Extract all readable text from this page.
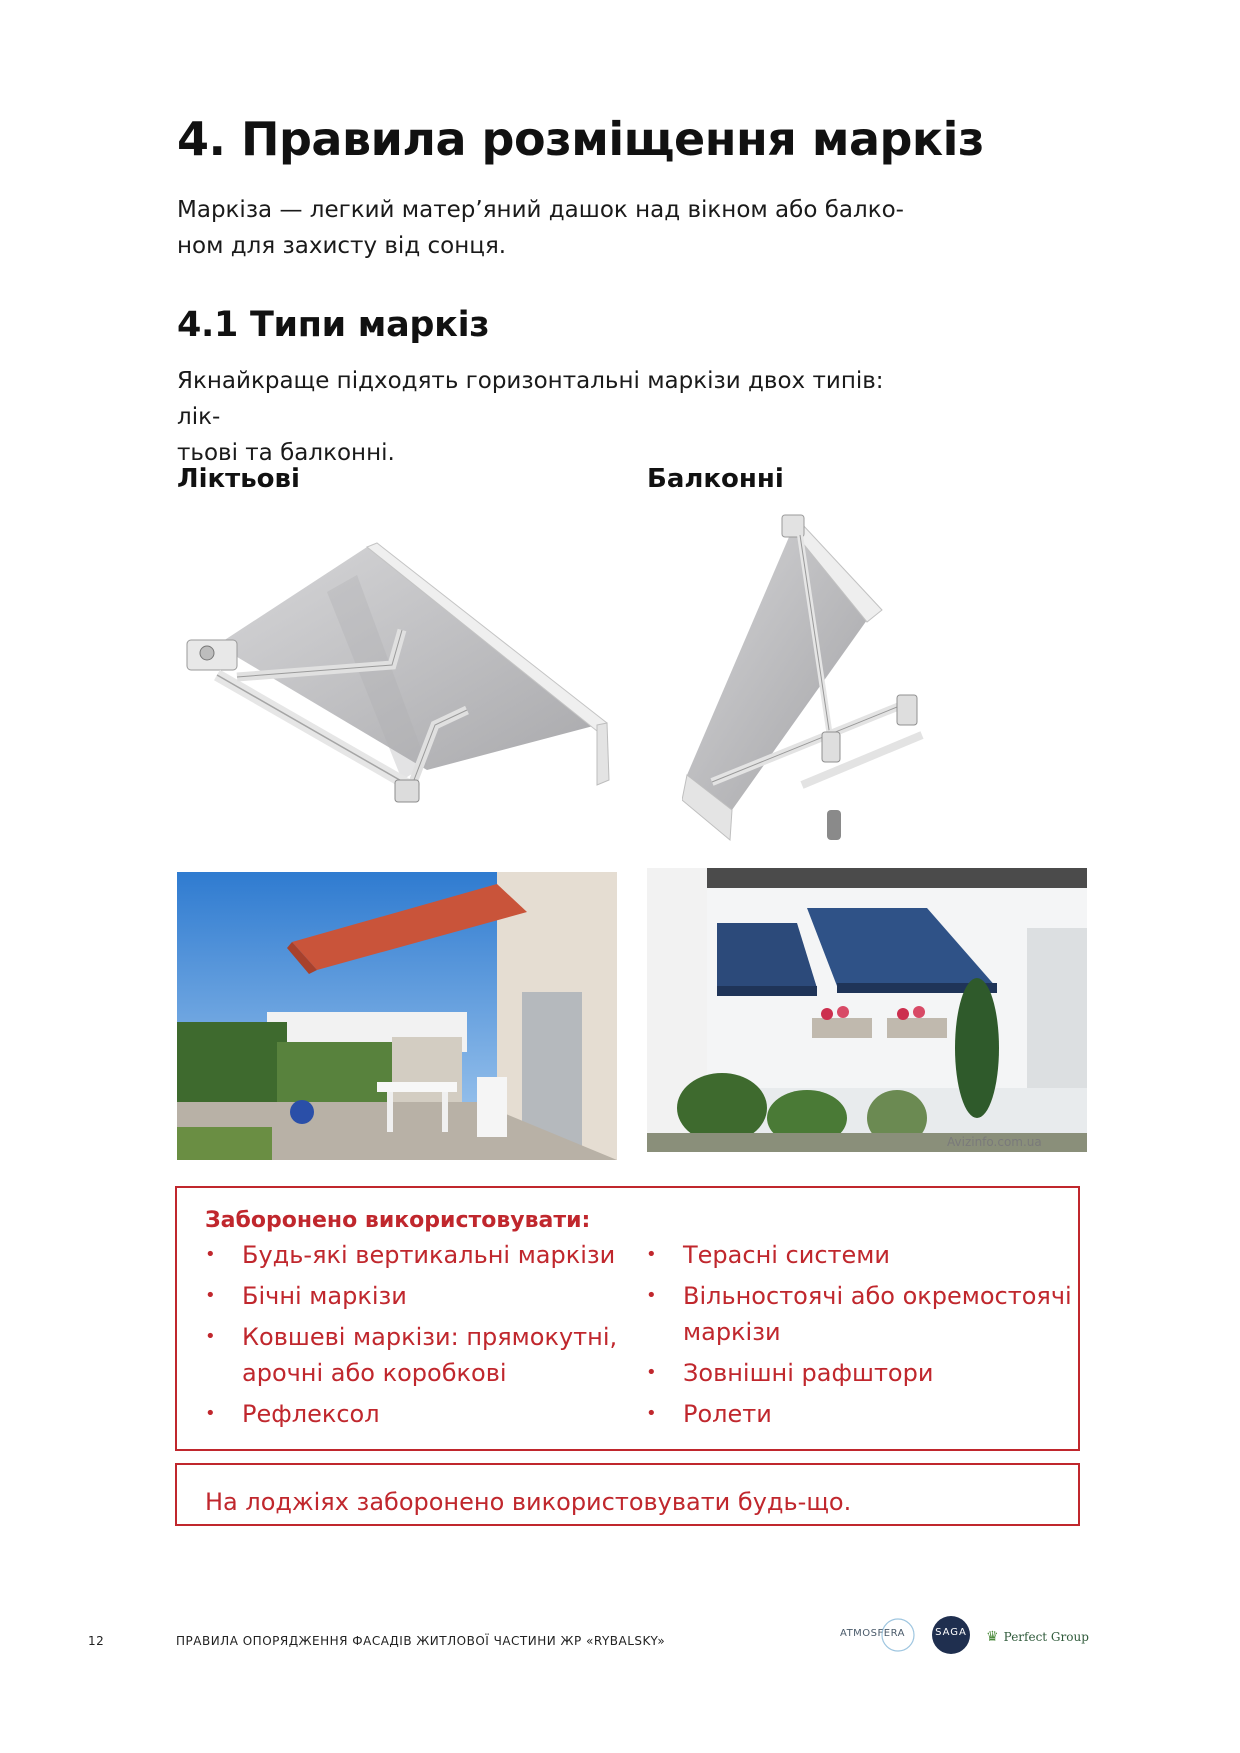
4. Правила розміщення маркіз
Маркіза — легкий матер’яний дашок над вікном або балко-
ном для захисту від сонця.
4.1 Типи маркіз
Якнайкраще підходять горизонтальні маркізи двох типів: лік-
тьові та балконні.
Ліктьові	Балконні
Avizinfo.com.ua
Заборонено використовувати:
• Будь-які вертикальні маркізи
• Бічні маркізи
• Ковшеві маркізи: прямокутні,
арочні або коробкові
• Рефлексол
• Терасні системи
• Вільностоячі або окремостоячі
маркізи
• Зовнішні рафштори
• Ролети
На лоджіях заборонено використовувати будь-що.
12	ПРАВИЛА ОПОРЯДЖЕННЯ ФАСАДІВ ЖИТЛОВОЇ ЧАСТИНИ ЖР «RYBALSKY»
ATMOSFERA	SAGA ♛ Perfect Group
